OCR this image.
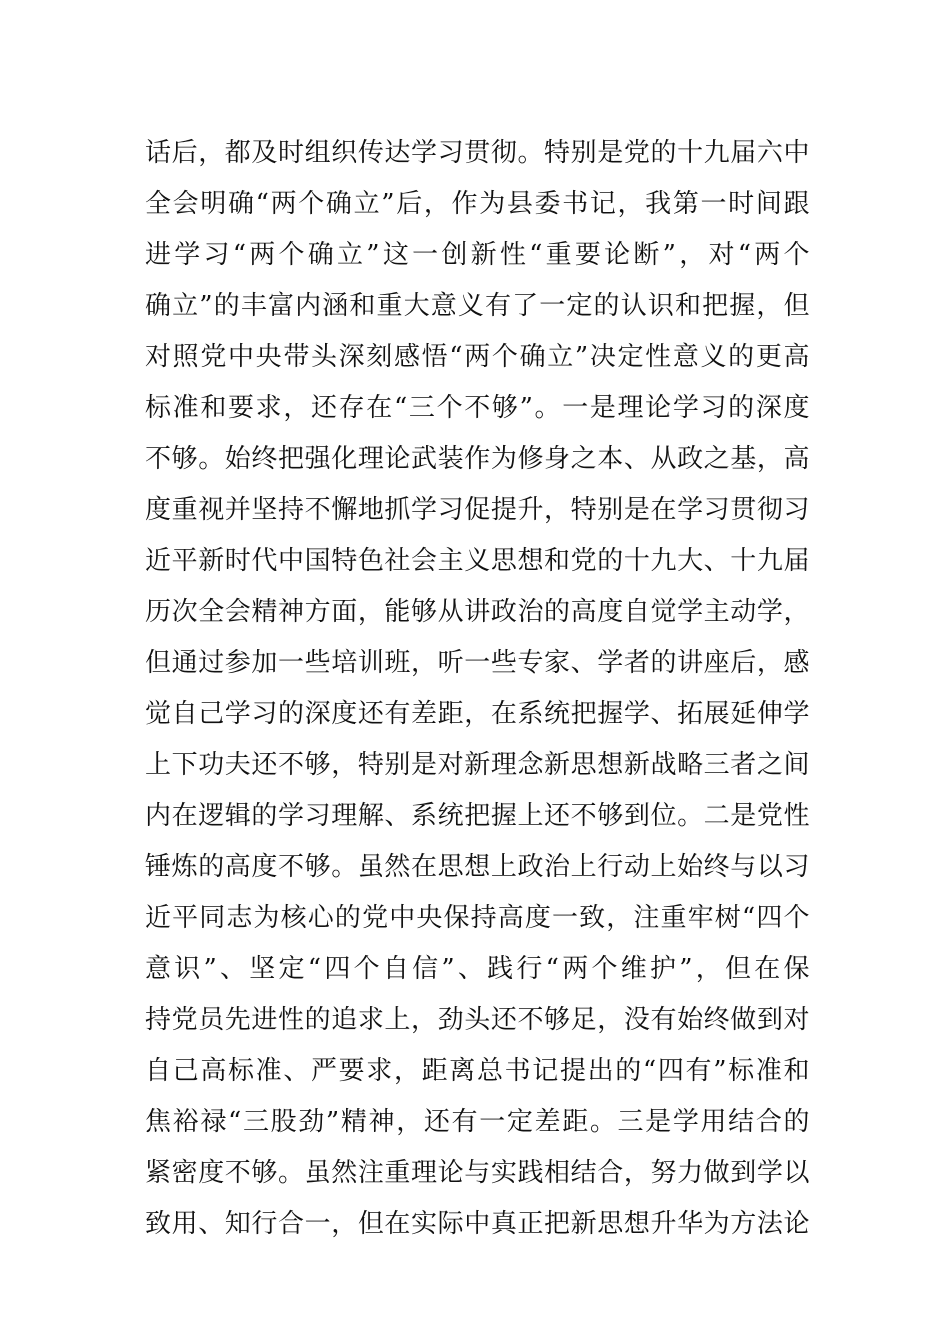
话后，都及时组织传达学习贯彻。特别是党的十九届六中
全会明确“两个确立”后，作为县委书记，我第一时间跟
进学习“两个确立”这一创新性“重要论断”，对“两个
确立”的丰富内涵和重大意义有了一定的认识和把握，但
对照党中央带头深刻感悟“两个确立”决定性意义的更高
标准和要求，还存在“三个不够”。一是理论学习的深度
不够。始终把强化理论武装作为修身之本、从政之基，高
度重视并坚持不懈地抓学习促提升，特别是在学习贯彻习
近平新时代中国特色社会主义思想和党的十九大、十九届
历次全会精神方面，能够从讲政治的高度自觉学主动学，
但通过参加一些培训班，听一些专家、学者的讲座后，感
觉自己学习的深度还有差距，在系统把握学、拓展延伸学
上下功夫还不够，特别是对新理念新思想新战略三者之间
内在逻辑的学习理解、系统把握上还不够到位。二是党性
锤炼的高度不够。虽然在思想上政治上行动上始终与以习
近平同志为核心的党中央保持高度一致，注重牢树“四个
意识”、坚定“四个自信”、践行“两个维护”，但在保
持党员先进性的追求上，劲头还不够足，没有始终做到对
自己高标准、严要求，距离总书记提出的“四有”标准和
焦裕禄“三股劲”精神，还有一定差距。三是学用结合的
紧密度不够。虽然注重理论与实践相结合，努力做到学以
致用、知行合一，但在实际中真正把新思想升华为方法论
